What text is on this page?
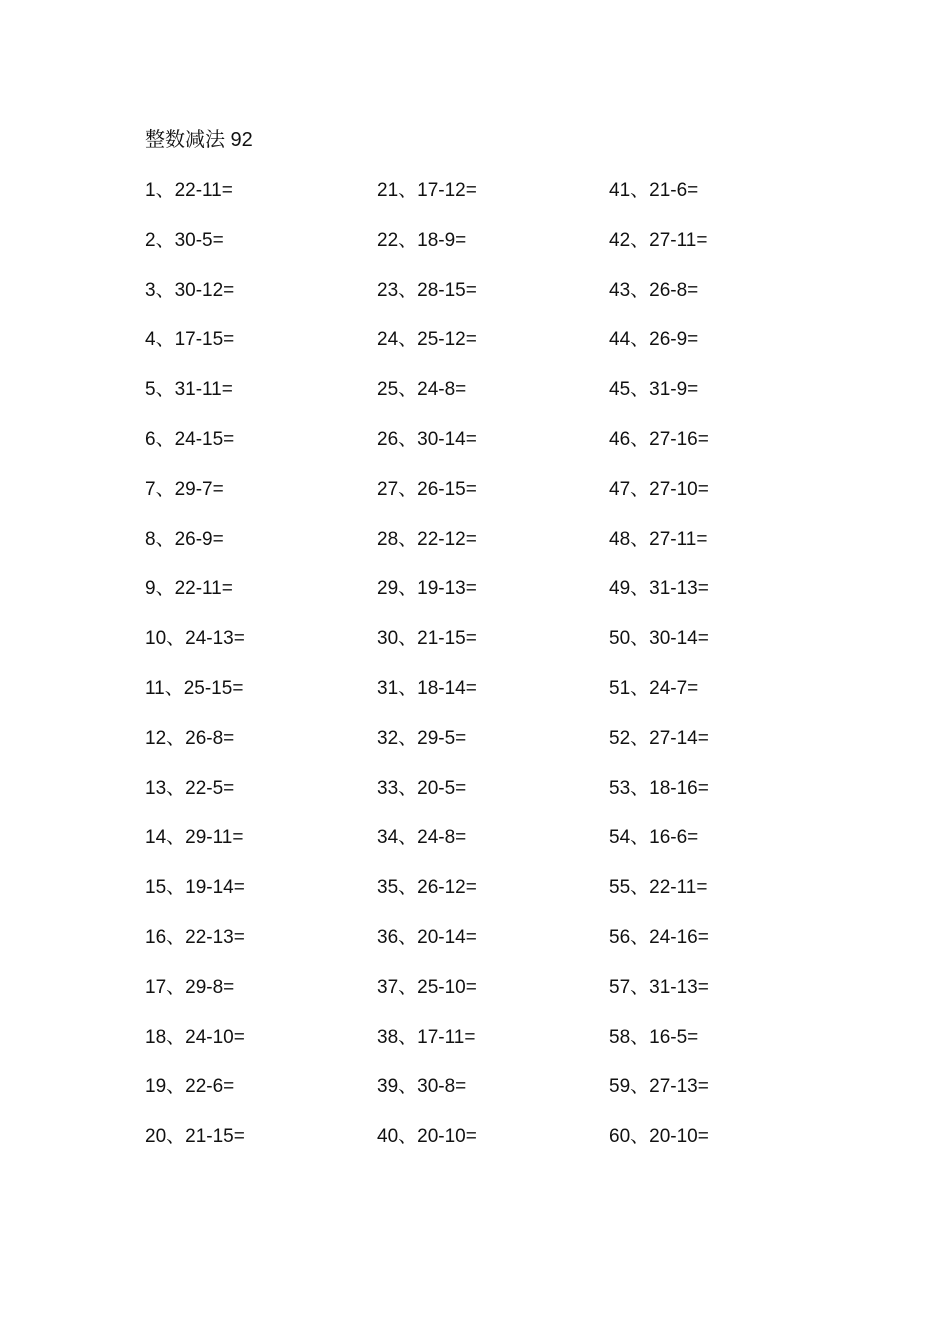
整数减法 92
1、22-11=
2、30-5=
3、30-12=
4、17-15=
5、31-11=
6、24-15=
7、29-7=
8、26-9=
9、22-11=
10、24-13=
11、25-15=
12、26-8=
13、22-5=
14、29-11=
15、19-14=
16、22-13=
17、29-8=
18、24-10=
19、22-6=
20、21-15=
21、17-12=
22、18-9=
23、28-15=
24、25-12=
25、24-8=
26、30-14=
27、26-15=
28、22-12=
29、19-13=
30、21-15=
31、18-14=
32、29-5=
33、20-5=
34、24-8=
35、26-12=
36、20-14=
37、25-10=
38、17-11=
39、30-8=
40、20-10=
41、21-6=
42、27-11=
43、26-8=
44、26-9=
45、31-9=
46、27-16=
47、27-10=
48、27-11=
49、31-13=
50、30-14=
51、24-7=
52、27-14=
53、18-16=
54、16-6=
55、22-11=
56、24-16=
57、31-13=
58、16-5=
59、27-13=
60、20-10=
